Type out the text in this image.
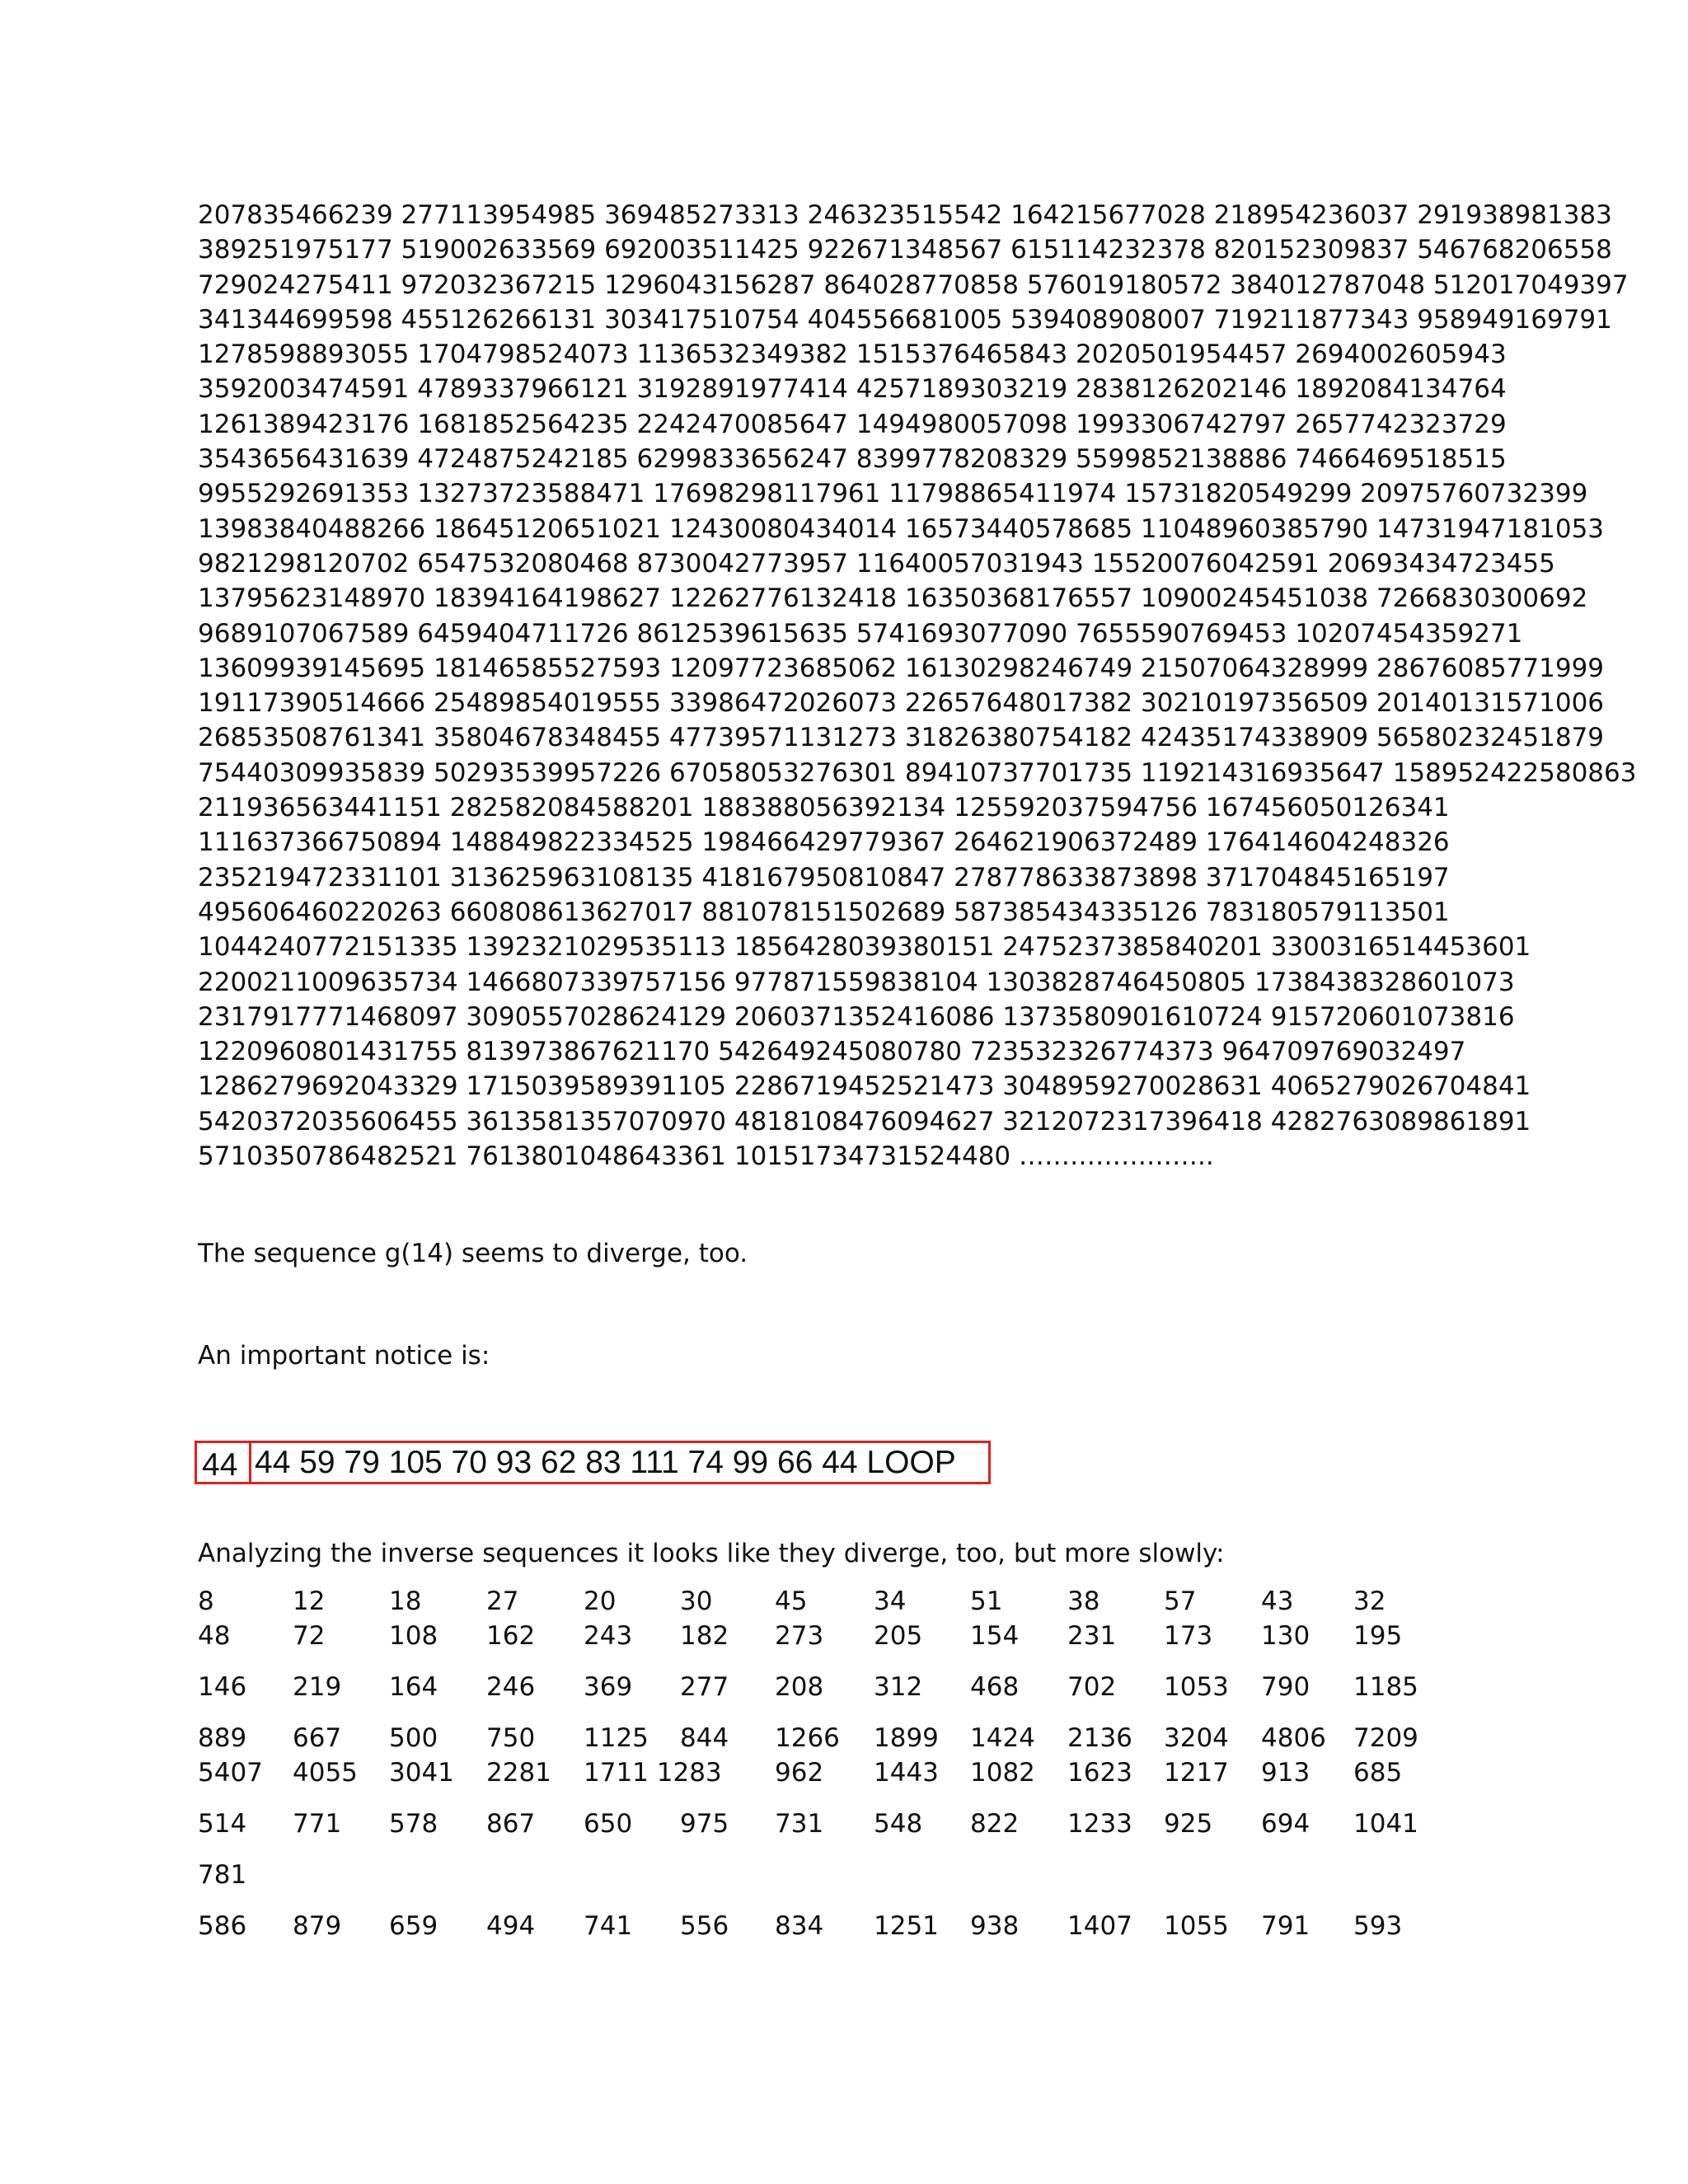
207835466239 277113954985 369485273313 246323515542 164215677028 218954236037 291938981383
389251975177 519002633569 692003511425 922671348567 615114232378 820152309837 546768206558
729024275411 972032367215 1296043156287 864028770858 576019180572 384012787048 512017049397
341344699598 455126266131 303417510754 404556681005 539408908007 719211877343 958949169791
1278598893055 1704798524073 1136532349382 1515376465843 2020501954457 2694002605943
3592003474591 4789337966121 3192891977414 4257189303219 2838126202146 1892084134764
1261389423176 1681852564235 2242470085647 1494980057098 1993306742797 2657742323729
3543656431639 4724875242185 6299833656247 8399778208329 5599852138886 7466469518515
9955292691353 13273723588471 17698298117961 11798865411974 15731820549299 20975760732399
13983840488266 18645120651021 12430080434014 16573440578685 11048960385790 14731947181053
9821298120702 6547532080468 8730042773957 11640057031943 15520076042591 20693434723455
13795623148970 18394164198627 12262776132418 16350368176557 10900245451038 7266830300692
9689107067589 6459404711726 8612539615635 5741693077090 7655590769453 10207454359271
13609939145695 18146585527593 12097723685062 16130298246749 21507064328999 28676085771999
19117390514666 25489854019555 33986472026073 22657648017382 30210197356509 20140131571006
26853508761341 35804678348455 47739571131273 31826380754182 42435174338909 56580232451879
75440309935839 50293539957226 67058053276301 89410737701735 119214316935647 158952422580863
211936563441151 282582084588201 188388056392134 125592037594756 167456050126341
111637366750894 148849822334525 198466429779367 264621906372489 176414604248326
235219472331101 313625963108135 418167950810847 278778633873898 371704845165197
495606460220263 660808613627017 881078151502689 587385434335126 783180579113501
1044240772151335 1392321029535113 1856428039380151 2475237385840201 3300316514453601
2200211009635734 1466807339757156 977871559838104 1303828746450805 1738438328601073
2317917771468097 3090557028624129 2060371352416086 1373580901610724 915720601073816
1220960801431755 813973867621170 542649245080780 723532326774373 964709769032497
1286279692043329 1715039589391105 2286719452521473 3048959270028631 4065279026704841
5420372035606455 3613581357070970 4818108476094627 3212072317396418 4282763089861891
5710350786482521 7613801048643361 10151734731524480 …………………..
The sequence g(14) seems to diverge, too.
An important notice is:
44 44 59 79 105 70 93 62 83 111 74 99 66 44 LOOP
Analyzing the inverse sequences it looks like they diverge, too, but more slowly:
8	12	18	27	20	30 45	34	51	38	57	43 32
48 72	108 162 243 182 273 205 154 231 173 130 195
146 219 164 246 369 277 208 312 468 702 1053 790 1185
889 667 500 750 1125 844 1266 1899 1424 2136 3204 4806 7209
5407 4055 3041 2281 1711 1283 962 1443 1082 1623 1217 913 685
514 771 578 867 650 975 731 548 822 1233 925 694 1041
781
586 879 659 494 741 556 834 1251 938 1407 1055 791 593
